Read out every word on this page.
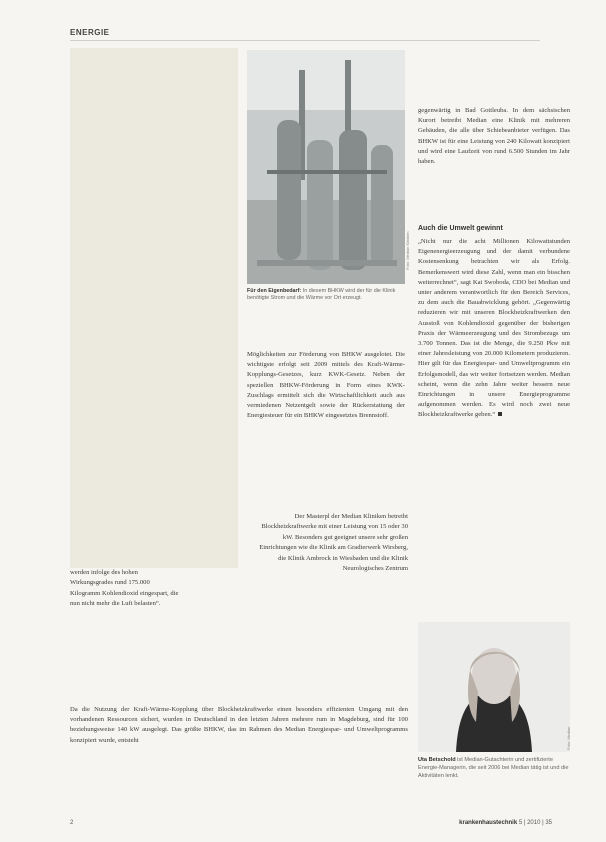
ENERGIE
Foto: Median Kliniken
Für den Eigenbedarf: In diesem BHKW wird der für die Klinik benötigte Strom und die Wärme vor Ort erzeugt.

gegenwärtig in Bad Gottleuba. In dem sächsischen Kurort betreibt Median eine Klinik mit mehreren Gebäuden, die alle über Schiebeanbieter verfügen. Das BHKW ist für eine Leistung von 240 Kilowatt konzipiert und wird eine Laufzeit von rund 6.500 Stunden im Jahr haben.

Auch die Umwelt gewinnt

„Nicht nur die acht Millionen Kilowattstunden Eigenenergieerzeugung und der damit verbundene Kostensenkung betrachten wir als Erfolg. Bemerkenswert wird diese Zahl, wenn man ein bisschen weiterrechnet“, sagt Kai Swoboda, CDO bei Median und unter anderem verantwortlich für den Bereich Services, zu dem auch die Bauabwicklung gehört. „Gegenwärtig reduzieren wir mit unseren Blockheizkraftwerken den Ausstoß von Kohlendioxid gegenüber der bisherigen Praxis der Wärmeerzeugung und des Strombezugs um 3.700 Tonnen. Das ist die Menge, die 9.250 Pkw mit einer Jahresleistung von 20.000 Kilometern produzieren. Hier gilt für das Energiespar- und Umweltprogramm ein Erfolgsmodell, das wir weiter fortsetzen werden. Median scheint, wenn die zehn Jahre weiter bessern neue Einrichtungen in unsere Energieprogramme aufgenommen werden. Es wird noch zwei neue Blockheizkraftwerke geben.“

Möglichkeiten zur Förderung von BHKW ausgelotet. Die wichtigste erfolgt seit 2009 mittels des Kraft-Wärme-Kopplungs-Gesetzes, kurz KWK-Gesetz. Neben der speziellen BHKW-Förderung in Form eines KWK-Zuschlags ermittelt sich die Wirtschaftlichkeit auch aus vermiedenen Netzentgelt sowie der Rückerstattung der Energiesteuer für ein BHKW eingesetztes Brennstoff.

Der Masterpl der Median Kliniken betreibt Blockheizkraftwerke mit einer Leistung von 15 oder 30 kW. Besonders gut geeignet unsere sehr großen Einrichtungen wie die Klinik am Gradierwerk Wirsberg, die Klinik Ambrock in Wiesbaden und die Klinik Neurologisches Zentrum

werden infolge des hohen Wirkungsgrades rund 175.000 Kilogramm Kohlendioxid eingespart, die nun nicht mehr die Luft belasten“.

Da die Nutzung der Kraft-Wärme-Kopplung über Blockheizkraftwerke einen besonders effizienten Umgang mit den vorhandenen Ressourcen sichert, wurden in Deutschland in den letzten Jahren mehrere rum in Magdeburg, sind für 100 beziehungsweise 140 kW ausgelegt. Das größte BHKW, das im Rahmen des Median Energiespar- und Umweltprogramms konzipiert wurde, entsteht	Foto: Median
Uta Betschold ist Median-Gutachterin und zertifizierte Energie-Managerin, die seit 2006 bei Median tätig ist und die Aktivitäten lenkt.
2	krankenhaustechnik 5 | 2010 | 35
